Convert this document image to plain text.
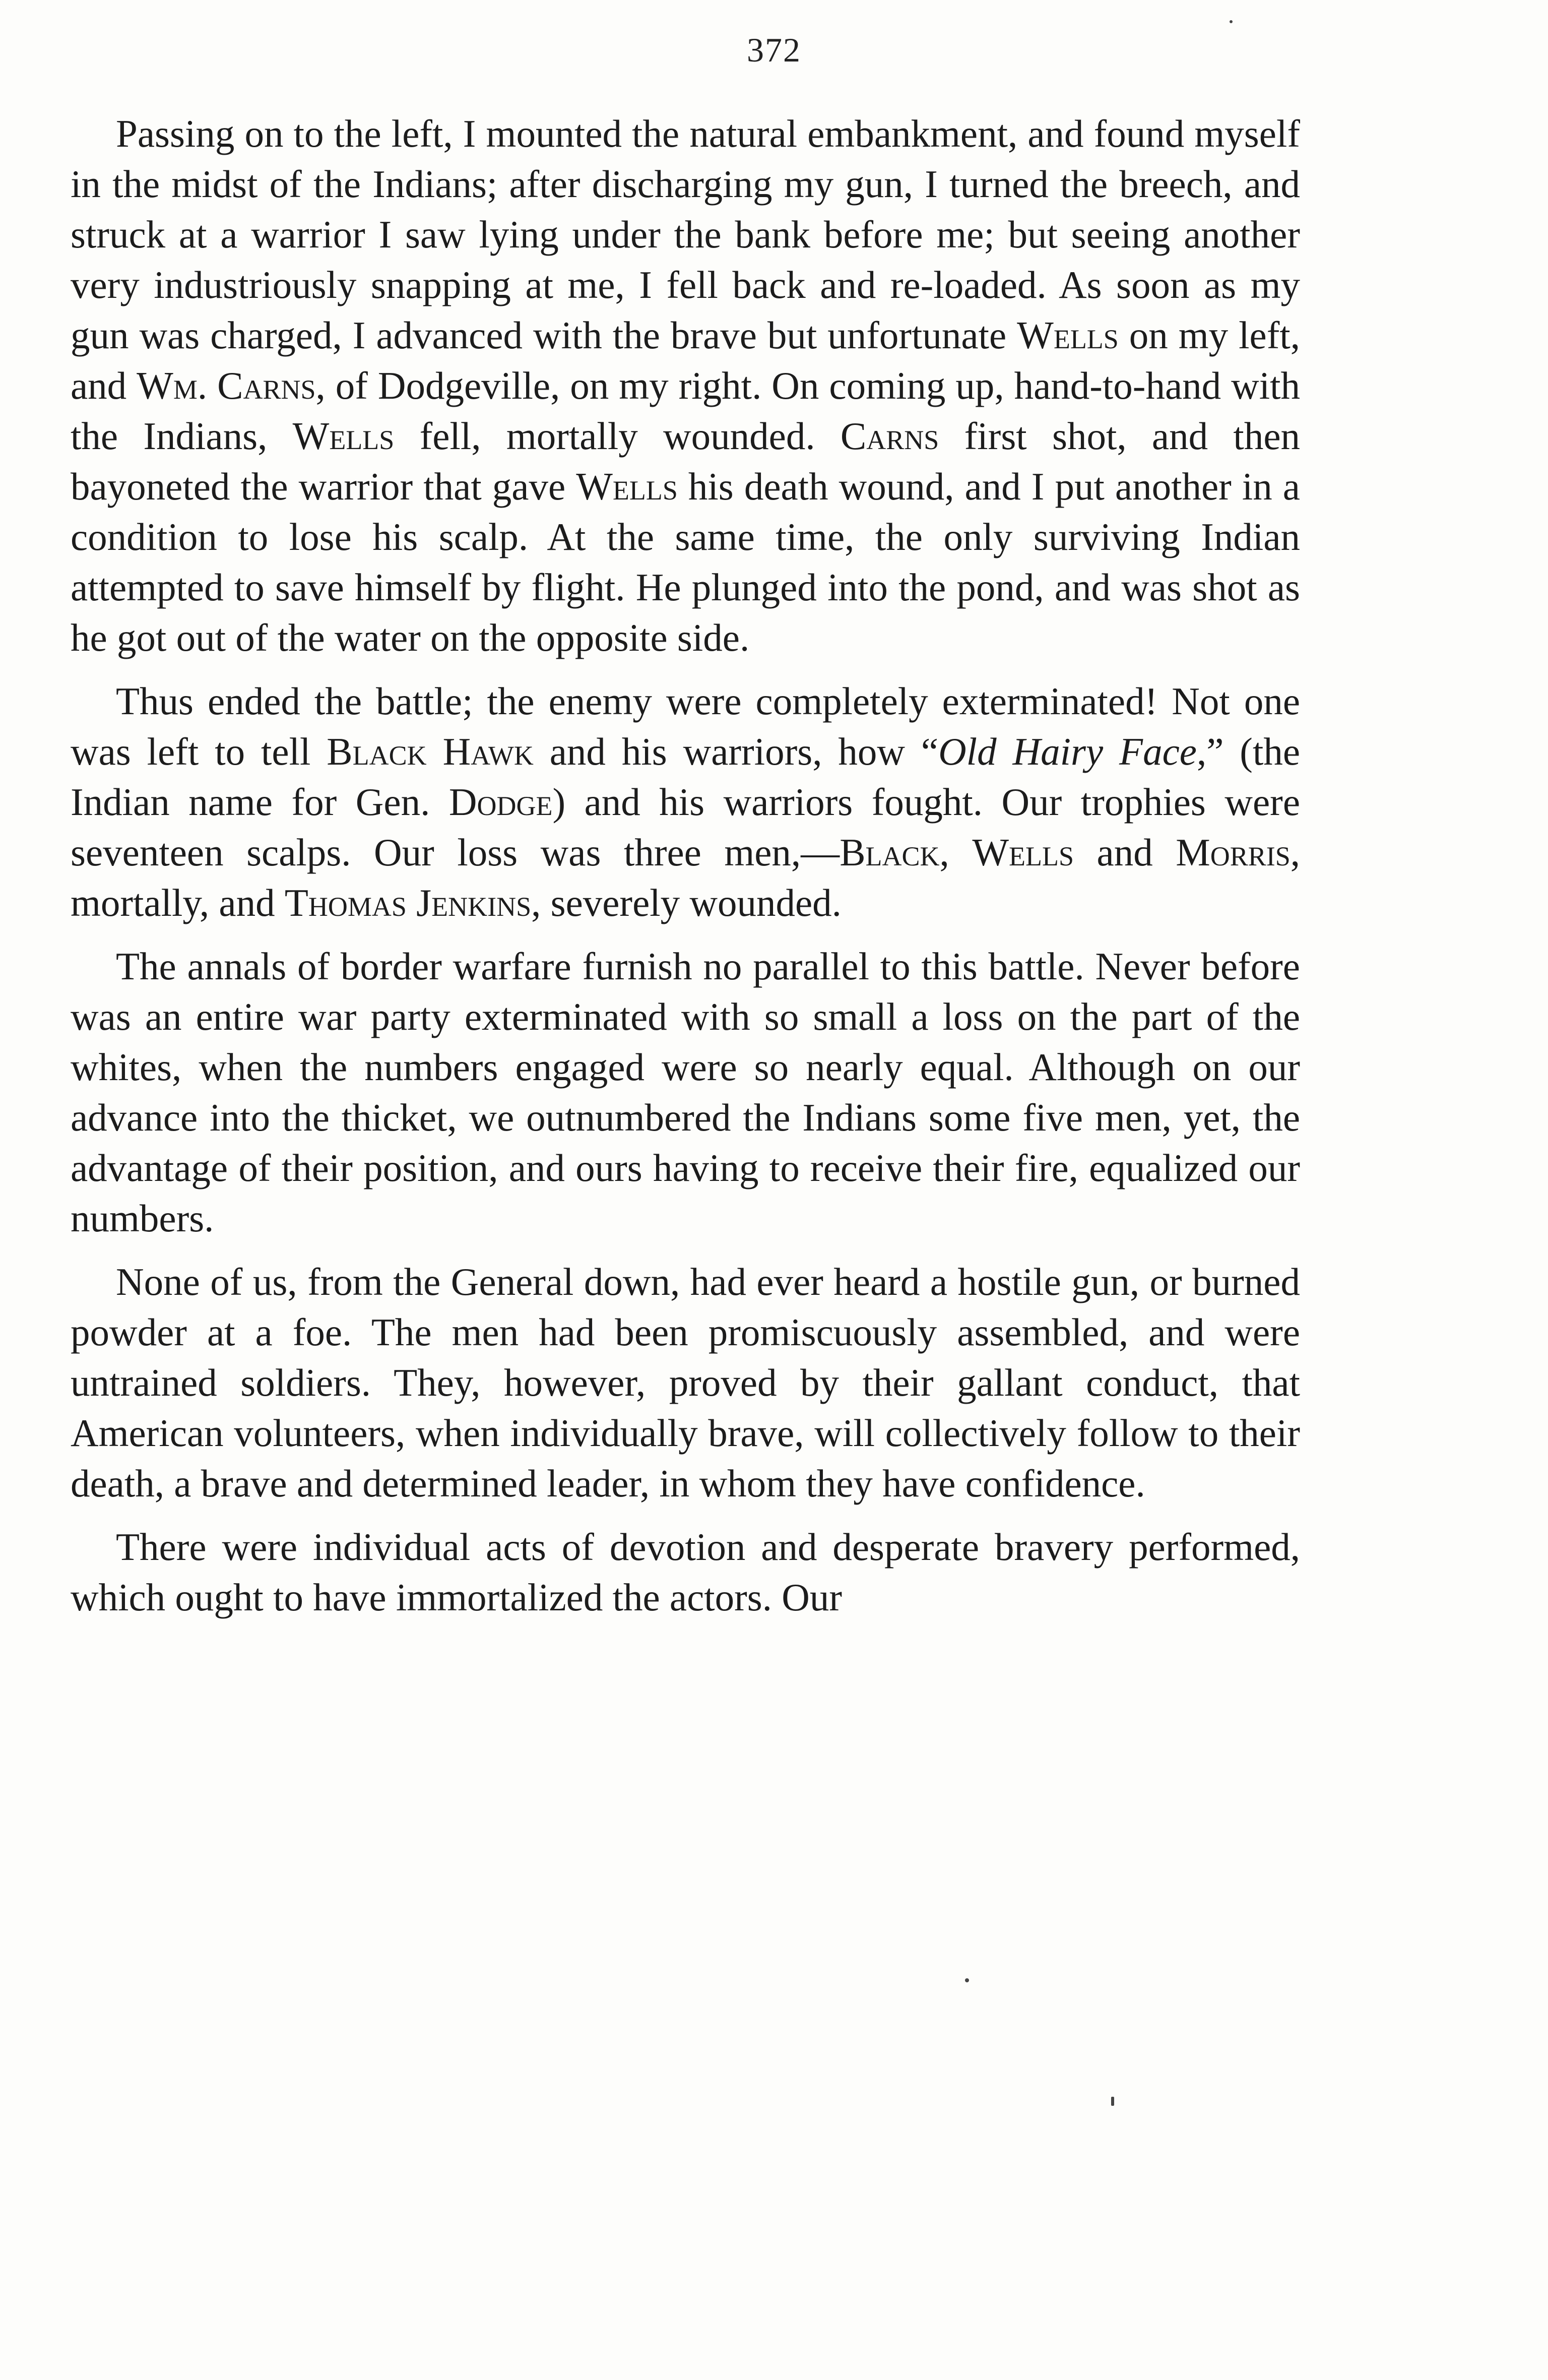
372

Passing on to the left, I mounted the natural embankment, and found myself in the midst of the Indians; after discharging my gun, I turned the breech, and struck at a warrior I saw lying under the bank before me; but seeing another very industriously snapping at me, I fell back and re-loaded. As soon as my gun was charged, I advanced with the brave but unfortunate Wells on my left, and Wm. Carns, of Dodgeville, on my right. On coming up, hand-to-hand with the Indians, Wells fell, mortally wounded. Carns first shot, and then bayoneted the warrior that gave Wells his death wound, and I put another in a condition to lose his scalp. At the same time, the only surviving Indian attempted to save himself by flight. He plunged into the pond, and was shot as he got out of the water on the opposite side.

Thus ended the battle; the enemy were completely exterminated! Not one was left to tell Black Hawk and his warriors, how “Old Hairy Face,” (the Indian name for Gen. Dodge) and his warriors fought. Our trophies were seventeen scalps. Our loss was three men,—Black, Wells and Morris, mortally, and Thomas Jenkins, severely wounded.

The annals of border warfare furnish no parallel to this battle. Never before was an entire war party exterminated with so small a loss on the part of the whites, when the numbers engaged were so nearly equal. Although on our advance into the thicket, we outnumbered the Indians some five men, yet, the advantage of their position, and ours having to receive their fire, equalized our numbers.

None of us, from the General down, had ever heard a hostile gun, or burned powder at a foe. The men had been promiscuously assembled, and were untrained soldiers. They, however, proved by their gallant conduct, that American volunteers, when individually brave, will collectively follow to their death, a brave and determined leader, in whom they have confidence.

There were individual acts of devotion and desperate bravery performed, which ought to have immortalized the actors. Our
